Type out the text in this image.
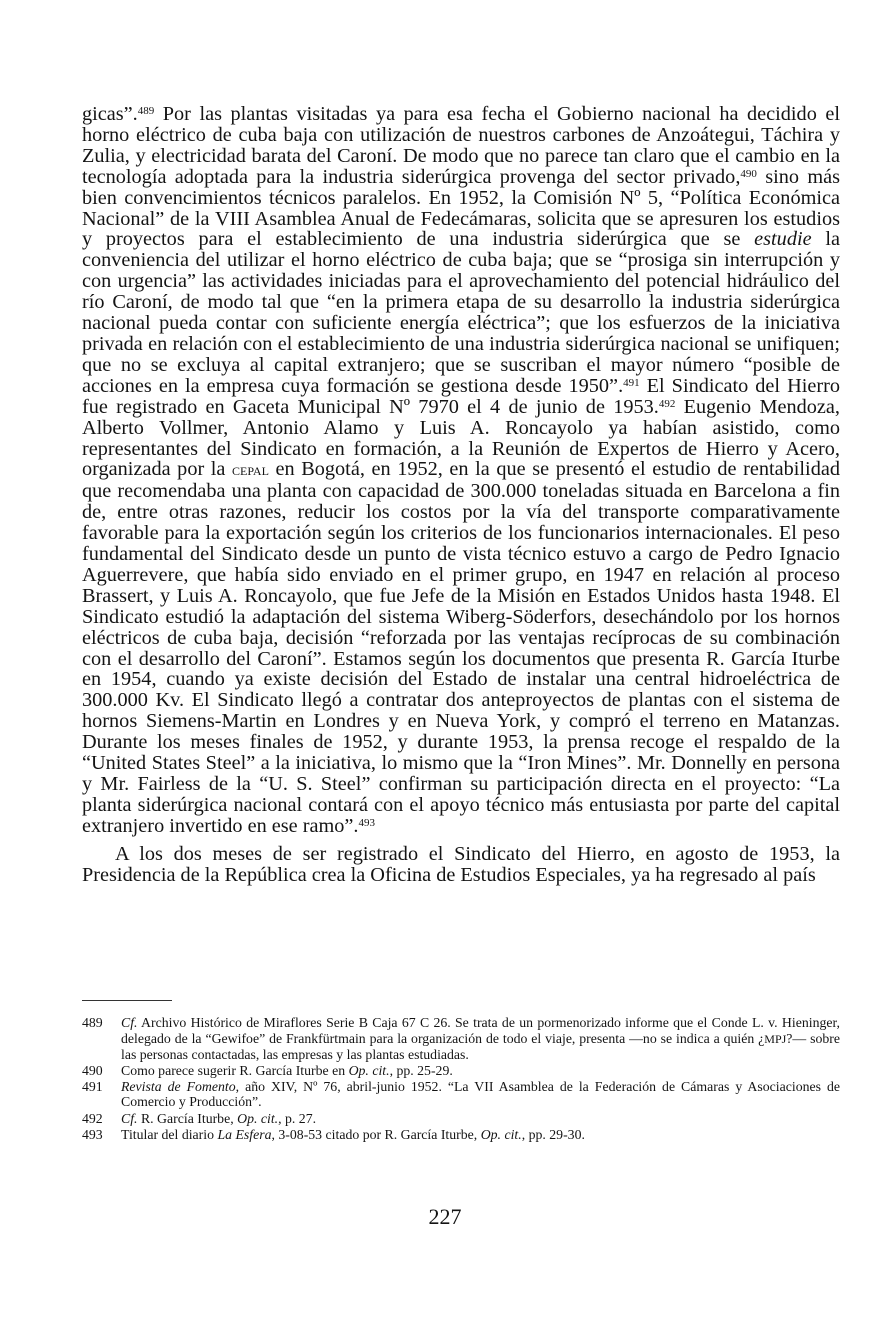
gicas”.$^{489}$ Por las plantas visitadas ya para esa fecha el Gobierno nacional ha decidido el horno eléctrico de cuba baja con utilización de nuestros carbones de Anzoátegui, Táchira y Zulia, y electricidad barata del Caroní. De modo que no parece tan claro que el cambio en la tecnología adoptada para la industria siderúrgica provenga del sector privado,$^{490}$ sino más bien convencimientos técnicos paralelos. En 1952, la Comisión Nº 5, “Política Económica Nacional” de la VIII Asamblea Anual de Fedecámaras, solicita que se apresuren los estudios y proyectos para el establecimiento de una industria siderúrgica que se estudie la conveniencia del utilizar el horno eléctrico de cuba baja; que se “prosiga sin interrupción y con urgencia” las actividades iniciadas para el aprovechamiento del potencial hidráulico del río Caroní, de modo tal que “en la primera etapa de su desarrollo la industria siderúrgica nacional pueda contar con suficiente energía eléctrica”; que los esfuerzos de la iniciativa privada en relación con el establecimiento de una industria siderúrgica nacional se unifiquen; que no se excluya al capital extranjero; que se suscriban el mayor número “posible de acciones en la empresa cuya formación se gestiona desde 1950”.$^{491}$ El Sindicato del Hierro fue registrado en Gaceta Municipal Nº 7970 el 4 de junio de 1953.$^{492}$ Eugenio Mendoza, Alberto Vollmer, Antonio Alamo y Luis A. Roncayolo ya habían asistido, como representantes del Sindicato en formación, a la Reunión de Expertos de Hierro y Acero, organizada por la cepal en Bogotá, en 1952, en la que se presentó el estudio de rentabilidad que recomendaba una planta con capacidad de 300.000 toneladas situada en Barcelona a fin de, entre otras razones, reducir los costos por la vía del transporte comparativamente favorable para la exportación según los criterios de los funcionarios internacionales. El peso fundamental del Sindicato desde un punto de vista técnico estuvo a cargo de Pedro Ignacio Aguerrevere, que había sido enviado en el primer grupo, en 1947 en relación al proceso Brassert, y Luis A. Roncayolo, que fue Jefe de la Misión en Estados Unidos hasta 1948. El Sindicato estudió la adaptación del sistema Wiberg-Söderfors, desechándolo por los hornos eléctricos de cuba baja, decisión “reforzada por las ventajas recíprocas de su combinación con el desarrollo del Caroní”. Estamos según los documentos que presenta R. García Iturbe en 1954, cuando ya existe decisión del Estado de instalar una central hidroeléctrica de 300.000 Kv. El Sindicato llegó a contratar dos anteproyectos de plantas con el sistema de hornos Siemens-Martin en Londres y en Nueva York, y compró el terreno en Matanzas. Durante los meses finales de 1952, y durante 1953, la prensa recoge el respaldo de la “United States Steel” a la iniciativa, lo mismo que la “Iron Mines”. Mr. Donnelly en persona y Mr. Fairless de la “U. S. Steel” confirman su participación directa en el proyecto: “La planta siderúrgica nacional contará con el apoyo técnico más entusiasta por parte del capital extranjero invertido en ese ramo”.$^{493}$

A los dos meses de ser registrado el Sindicato del Hierro, en agosto de 1953, la Presidencia de la República crea la Oficina de Estudios Especiales, ya ha regresado al país

489	Cf. Archivo Histórico de Miraflores Serie B Caja 67 C 26. Se trata de un pormenorizado informe que el Conde L. v. Hieninger, delegado de la “Gewifoe” de Frankfürtmain para la organización de todo el viaje, presenta —no se indica a quién ¿mpj?— sobre las personas contactadas, las empresas y las plantas estudiadas.
490	Como parece sugerir R. García Iturbe en Op. cit., pp. 25-29.
491	Revista de Fomento, año XIV, Nº 76, abril-junio 1952. “La VII Asamblea de la Federación de Cámaras y Asociaciones de Comercio y Producción”.
492	Cf. R. García Iturbe, Op. cit., p. 27.
493	Titular del diario La Esfera, 3-08-53 citado por R. García Iturbe, Op. cit., pp. 29-30.
227
